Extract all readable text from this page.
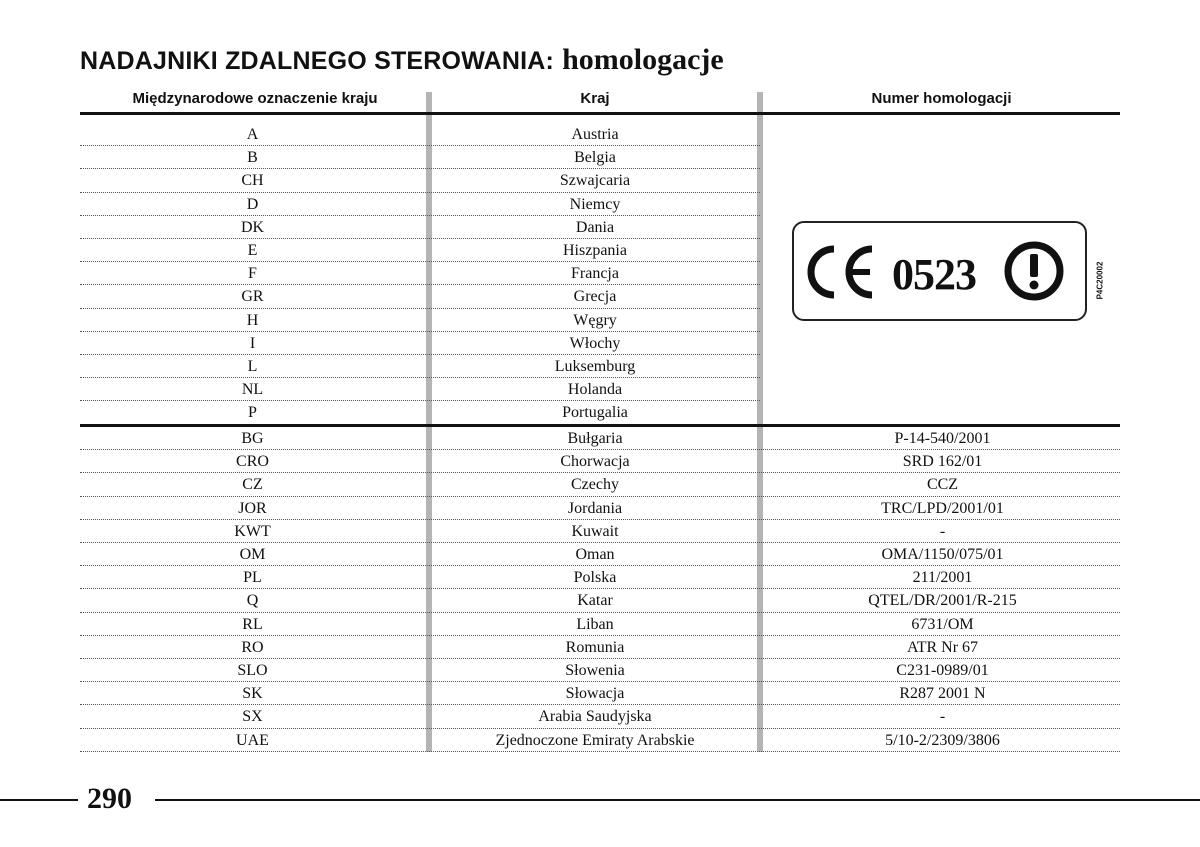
NADAJNIKI ZDALNEGO STEROWANIA: homologacje
Międzynarodowe oznaczenie kraju	Kraj	Numer homologacji
A	Austria
B	Belgia
CH	Szwajcaria
D	Niemcy
DK	Dania
E	Hiszpania
F	Francja
GR	Grecja
H	Węgry
I	Włochy
L	Luksemburg
NL	Holanda
P	Portugalia
BG	Bułgaria	P-14-540/2001
CRO	Chorwacja	SRD 162/01
CZ	Czechy	CCZ
JOR	Jordania	TRC/LPD/2001/01
KWT	Kuwait	-
OM	Oman	OMA/1150/075/01
PL	Polska	211/2001
Q	Katar	QTEL/DR/2001/R-215
RL	Liban	6731/OM
RO	Romunia	ATR Nr 67
SLO	Słowenia	C231-0989/01
SK	Słowacja	R287 2001 N
SX	Arabia Saudyjska	-
UAE	Zjednoczone Emiraty Arabskie	5/10-2/2309/3806
0523	P4C20002
290
